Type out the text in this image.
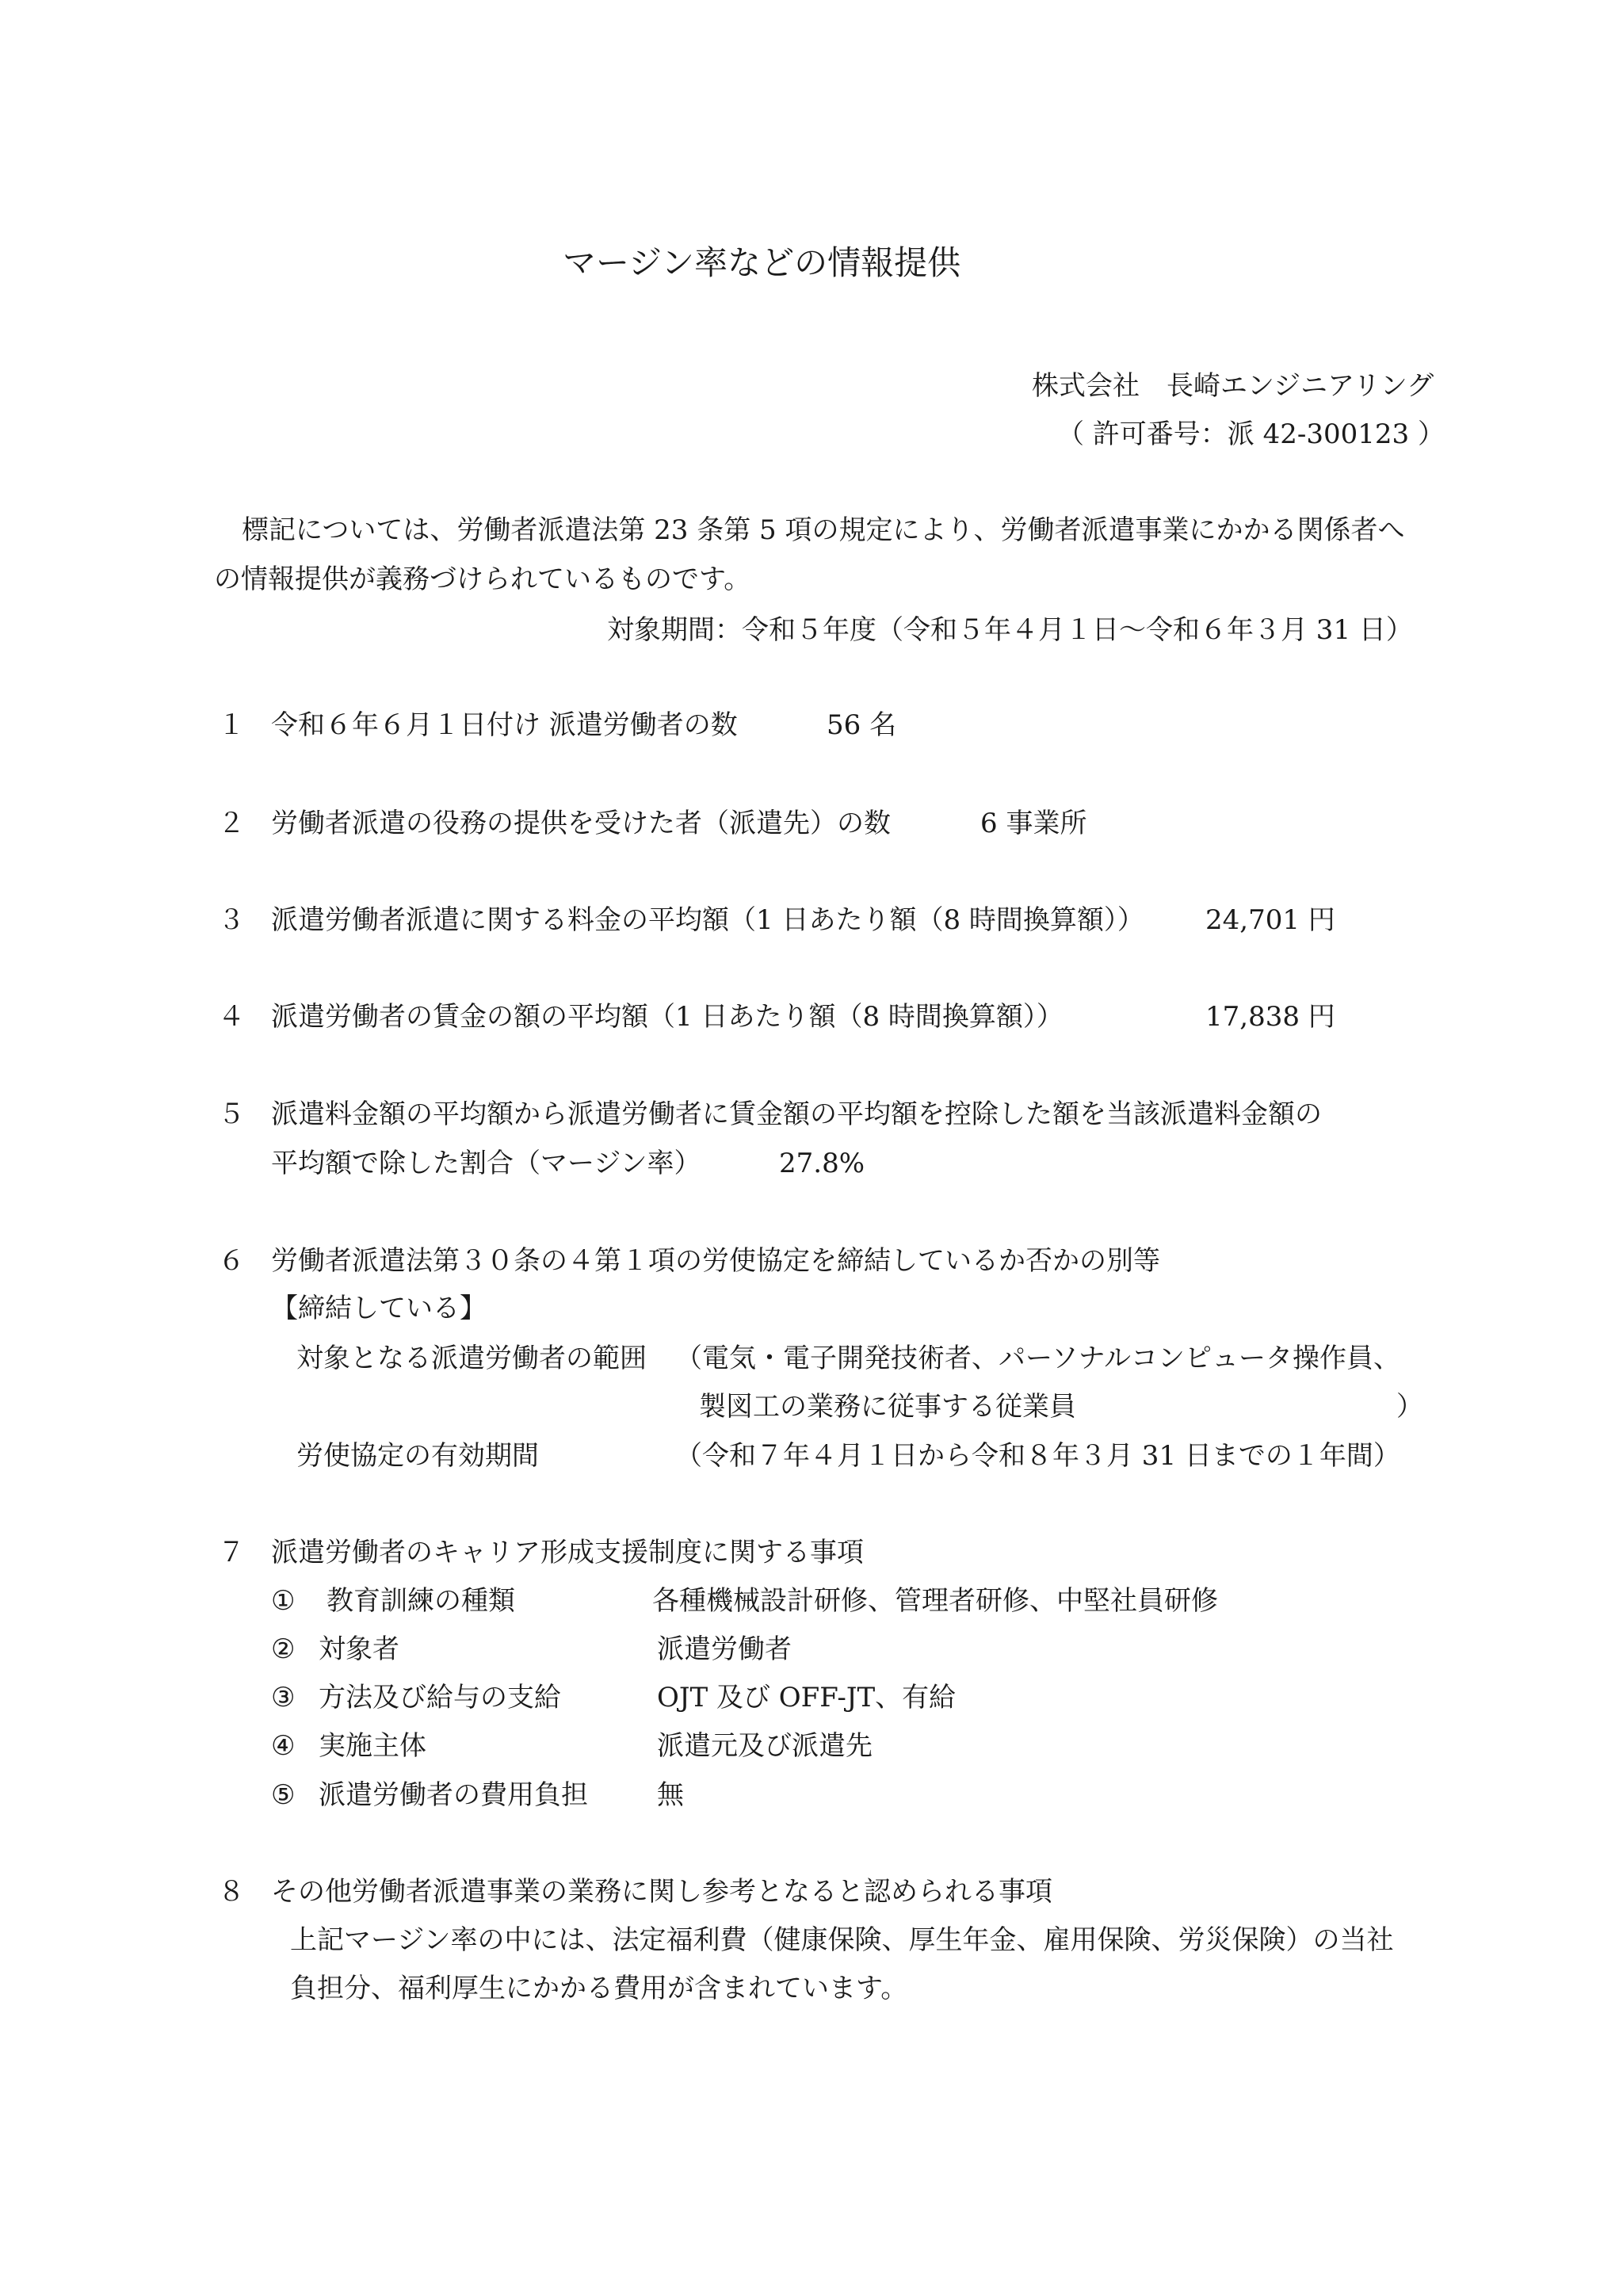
マージン率などの情報提供
株式会社　長崎エンジニアリング
（ 許可番号：派 42-300123 ）
標記については、労働者派遣法第 23 条第 5 項の規定により、労働者派遣事業にかかる関係者へ
の情報提供が義務づけられているものです。
対象期間：令和５年度（令和５年４月１日～令和６年３月 31 日）
１ 令和６年６月１日付け 派遣労働者の数	56 名
２ 労働者派遣の役務の提供を受けた者（派遣先）の数	6 事業所
３ 派遣労働者派遣に関する料金の平均額（1 日あたり額（8 時間換算額）） 24,701 円
４ 派遣労働者の賃金の額の平均額（1 日あたり額（8 時間換算額））	17,838 円
５ 派遣料金額の平均額から派遣労働者に賃金額の平均額を控除した額を当該派遣料金額の
平均額で除した割合（マージン率）	27.8%
６ 労働者派遣法第３０条の４第１項の労使協定を締結しているか否かの別等
【締結している】
対象となる派遣労働者の範囲 （電気・電子開発技術者、パーソナルコンピュータ操作員、
製図工の業務に従事する従業員	）
労使協定の有効期間	（令和７年４月１日から令和８年３月 31 日までの１年間）
７ 派遣労働者のキャリア形成支援制度に関する事項
① 教育訓練の種類	各種機械設計研修、管理者研修、中堅社員研修
② 対象者	派遣労働者
③ 方法及び給与の支給	OJT 及び OFF-JT、有給
④ 実施主体	派遣元及び派遣先
⑤ 派遣労働者の費用負担	無
８ その他労働者派遣事業の業務に関し参考となると認められる事項
上記マージン率の中には、法定福利費（健康保険、厚生年金、雇用保険、労災保険）の当社
負担分、福利厚生にかかる費用が含まれています。
